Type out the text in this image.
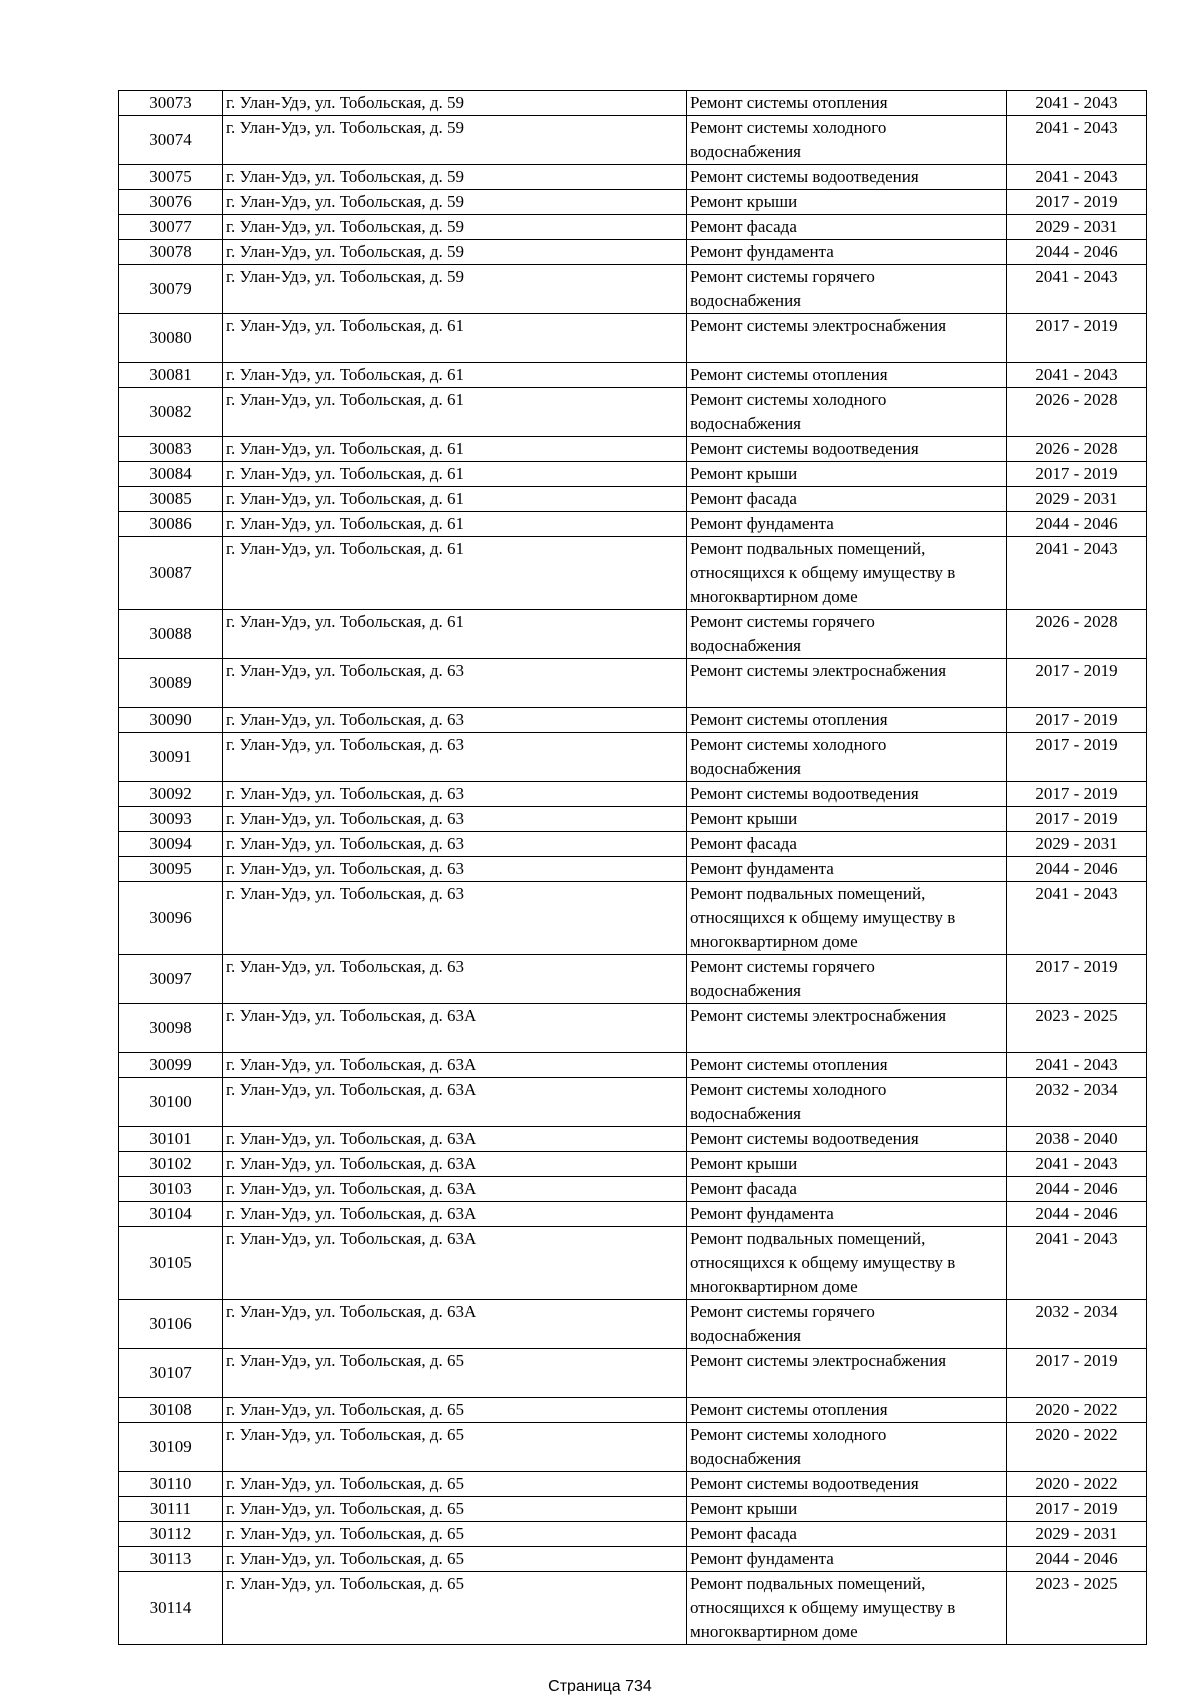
30073	г. Улан-Удэ, ул. Тобольская, д. 59	Ремонт системы отопления	2041 - 2043
30074	г. Улан-Удэ, ул. Тобольская, д. 59	Ремонт системы холодного
водоснабжения	2041 - 2043
30075	г. Улан-Удэ, ул. Тобольская, д. 59	Ремонт системы водоотведения	2041 - 2043
30076	г. Улан-Удэ, ул. Тобольская, д. 59	Ремонт крыши	2017 - 2019
30077	г. Улан-Удэ, ул. Тобольская, д. 59	Ремонт фасада	2029 - 2031
30078	г. Улан-Удэ, ул. Тобольская, д. 59	Ремонт фундамента	2044 - 2046
30079	г. Улан-Удэ, ул. Тобольская, д. 59	Ремонт системы горячего
водоснабжения	2041 - 2043
30080	г. Улан-Удэ, ул. Тобольская, д. 61	Ремонт системы электроснабжения	2017 - 2019
30081	г. Улан-Удэ, ул. Тобольская, д. 61	Ремонт системы отопления	2041 - 2043
30082	г. Улан-Удэ, ул. Тобольская, д. 61	Ремонт системы холодного
водоснабжения	2026 - 2028
30083	г. Улан-Удэ, ул. Тобольская, д. 61	Ремонт системы водоотведения	2026 - 2028
30084	г. Улан-Удэ, ул. Тобольская, д. 61	Ремонт крыши	2017 - 2019
30085	г. Улан-Удэ, ул. Тобольская, д. 61	Ремонт фасада	2029 - 2031
30086	г. Улан-Удэ, ул. Тобольская, д. 61	Ремонт фундамента	2044 - 2046
30087	г. Улан-Удэ, ул. Тобольская, д. 61	Ремонт подвальных помещений,
относящихся к общему имуществу в
многоквартирном доме	2041 - 2043
30088	г. Улан-Удэ, ул. Тобольская, д. 61	Ремонт системы горячего
водоснабжения	2026 - 2028
30089	г. Улан-Удэ, ул. Тобольская, д. 63	Ремонт системы электроснабжения	2017 - 2019
30090	г. Улан-Удэ, ул. Тобольская, д. 63	Ремонт системы отопления	2017 - 2019
30091	г. Улан-Удэ, ул. Тобольская, д. 63	Ремонт системы холодного
водоснабжения	2017 - 2019
30092	г. Улан-Удэ, ул. Тобольская, д. 63	Ремонт системы водоотведения	2017 - 2019
30093	г. Улан-Удэ, ул. Тобольская, д. 63	Ремонт крыши	2017 - 2019
30094	г. Улан-Удэ, ул. Тобольская, д. 63	Ремонт фасада	2029 - 2031
30095	г. Улан-Удэ, ул. Тобольская, д. 63	Ремонт фундамента	2044 - 2046
30096	г. Улан-Удэ, ул. Тобольская, д. 63	Ремонт подвальных помещений,
относящихся к общему имуществу в
многоквартирном доме	2041 - 2043
30097	г. Улан-Удэ, ул. Тобольская, д. 63	Ремонт системы горячего
водоснабжения	2017 - 2019
30098	г. Улан-Удэ, ул. Тобольская, д. 63А	Ремонт системы электроснабжения	2023 - 2025
30099	г. Улан-Удэ, ул. Тобольская, д. 63А	Ремонт системы отопления	2041 - 2043
30100	г. Улан-Удэ, ул. Тобольская, д. 63А	Ремонт системы холодного
водоснабжения	2032 - 2034
30101	г. Улан-Удэ, ул. Тобольская, д. 63А	Ремонт системы водоотведения	2038 - 2040
30102	г. Улан-Удэ, ул. Тобольская, д. 63А	Ремонт крыши	2041 - 2043
30103	г. Улан-Удэ, ул. Тобольская, д. 63А	Ремонт фасада	2044 - 2046
30104	г. Улан-Удэ, ул. Тобольская, д. 63А	Ремонт фундамента	2044 - 2046
30105	г. Улан-Удэ, ул. Тобольская, д. 63А	Ремонт подвальных помещений,
относящихся к общему имуществу в
многоквартирном доме	2041 - 2043
30106	г. Улан-Удэ, ул. Тобольская, д. 63А	Ремонт системы горячего
водоснабжения	2032 - 2034
30107	г. Улан-Удэ, ул. Тобольская, д. 65	Ремонт системы электроснабжения	2017 - 2019
30108	г. Улан-Удэ, ул. Тобольская, д. 65	Ремонт системы отопления	2020 - 2022
30109	г. Улан-Удэ, ул. Тобольская, д. 65	Ремонт системы холодного
водоснабжения	2020 - 2022
30110	г. Улан-Удэ, ул. Тобольская, д. 65	Ремонт системы водоотведения	2020 - 2022
30111	г. Улан-Удэ, ул. Тобольская, д. 65	Ремонт крыши	2017 - 2019
30112	г. Улан-Удэ, ул. Тобольская, д. 65	Ремонт фасада	2029 - 2031
30113	г. Улан-Удэ, ул. Тобольская, д. 65	Ремонт фундамента	2044 - 2046
30114	г. Улан-Удэ, ул. Тобольская, д. 65	Ремонт подвальных помещений,
относящихся к общему имуществу в
многоквартирном доме	2023 - 2025
Страница 734
